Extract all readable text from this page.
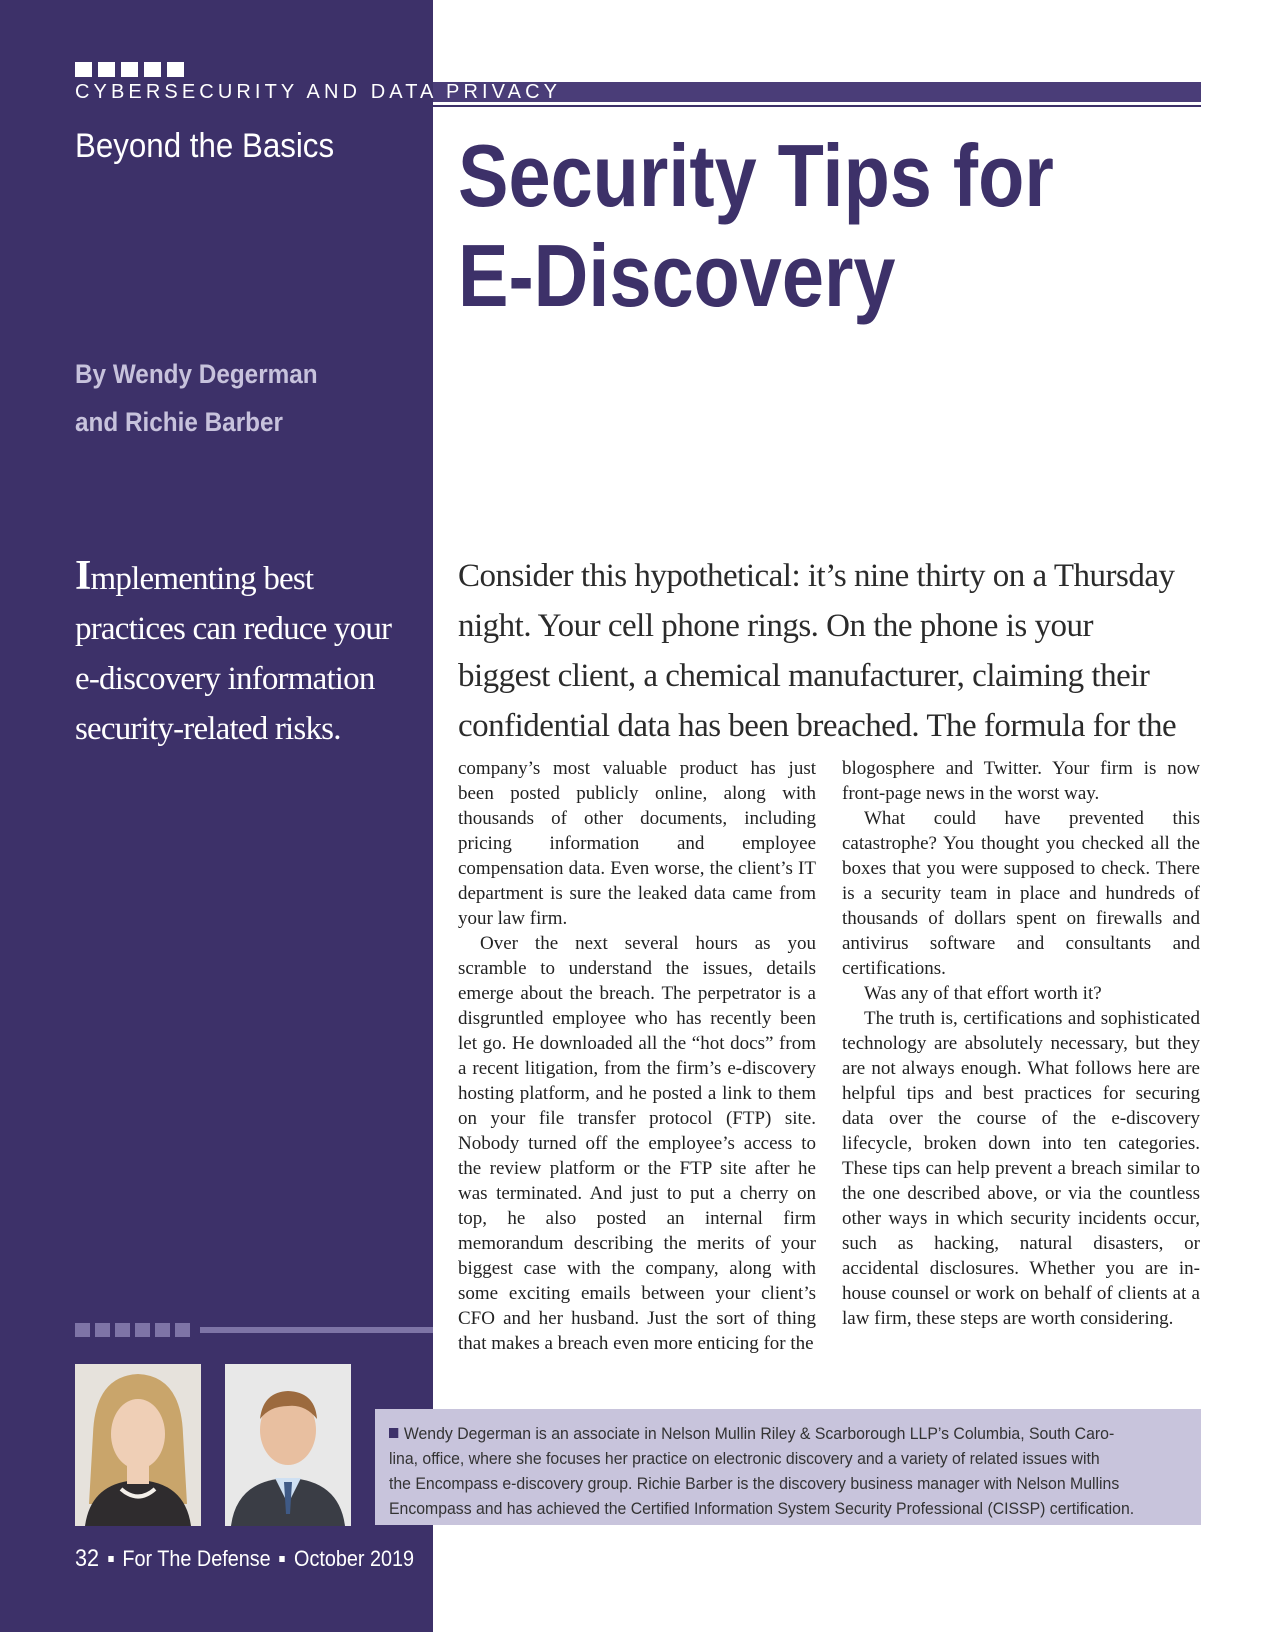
CYBERSECURITY AND DATA PRIVACY
Beyond the Basics Security Tips for
E-Discovery
By Wendy Degerman
and Richie Barber
Implementing best
practices can reduce your
e-discovery information
security-related risks.
Consider this hypothetical: it’s nine thirty on a Thursday
night. Your cell phone rings. On the phone is your
biggest client, a chemical manufacturer, claiming their
confidential data has been breached. The formula for the

company’s most valuable product has just been posted publicly online, along with thousands of other documents, including pricing information and employee compensation data. Even worse, the client’s IT department is sure the leaked data came from your law firm.

Over the next several hours as you scramble to understand the issues, details emerge about the breach. The perpetrator is a disgruntled employee who has recently been let go. He downloaded all the “hot docs” from a recent litigation, from the firm’s e-discovery hosting platform, and he posted a link to them on your file transfer protocol (FTP) site. Nobody turned off the employee’s access to the review platform or the FTP site after he was terminated. And just to put a cherry on top, he also posted an internal firm memorandum describing the merits of your biggest case with the company, along with some exciting emails between your client’s CFO and her husband. Just the sort of thing that makes a breach even more enticing for the

blogosphere and Twitter. Your firm is now front-page news in the worst way.

What could have prevented this catastrophe? You thought you checked all the boxes that you were supposed to check. There is a security team in place and hundreds of thousands of dollars spent on firewalls and antivirus software and consultants and certifications.

Was any of that effort worth it?

The truth is, certifications and sophisticated technology are absolutely necessary, but they are not always enough. What follows here are helpful tips and best practices for securing data over the course of the e-discovery lifecycle, broken down into ten categories. These tips can help prevent a breach similar to the one described above, or via the countless other ways in which security incidents occur, such as hacking, natural disasters, or accidental disclosures. Whether you are in-house counsel or work on behalf of clients at a law firm, these steps are worth considering.

Wendy Degerman is an associate in Nelson Mullin Riley & Scarborough LLP’s Columbia, South Caro-
lina, office, where she focuses her practice on electronic discovery and a variety of related issues with
the Encompass e-discovery group. Richie Barber is the discovery business manager with Nelson Mullins
Encompass and has achieved the Certified Information System Security Professional (CISSP) certification.
32 For The Defense October 2019
